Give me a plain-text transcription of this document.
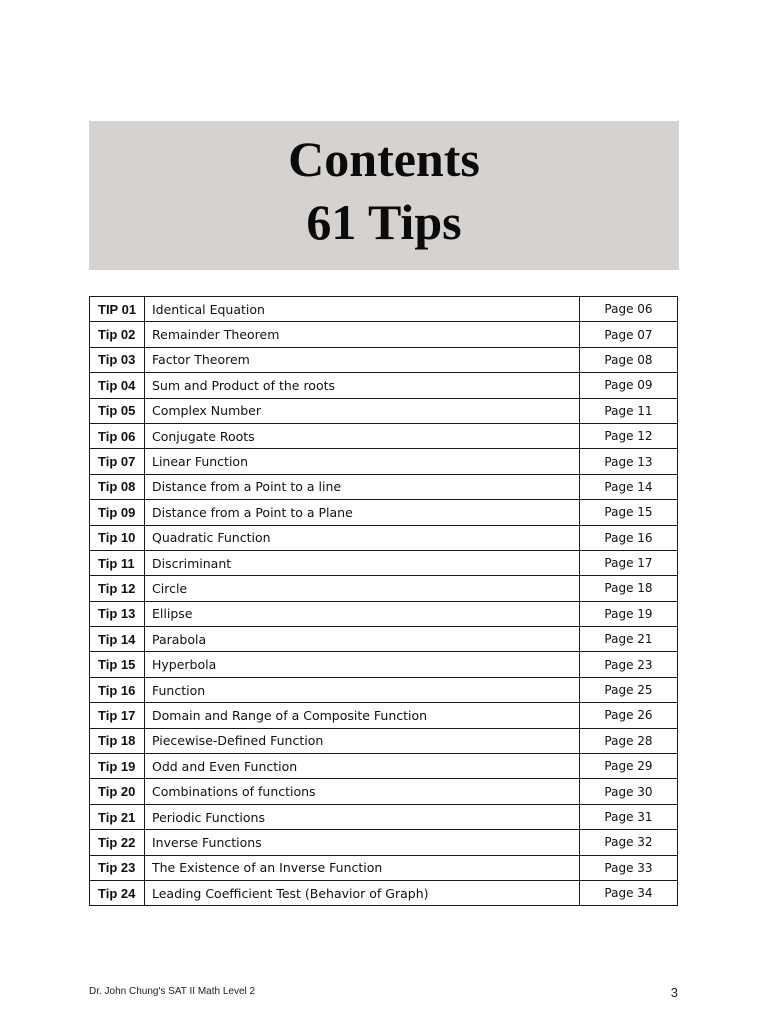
Contents
61 Tips
TIP 01	Identical Equation	Page 06
Tip 02	Remainder Theorem	Page 07
Tip 03	Factor Theorem	Page 08
Tip 04	Sum and Product of the roots	Page 09
Tip 05	Complex Number	Page 11
Tip 06	Conjugate Roots	Page 12
Tip 07	Linear Function	Page 13
Tip 08	Distance from a Point to a line	Page 14
Tip 09	Distance from a Point to a Plane	Page 15
Tip 10	Quadratic Function	Page 16
Tip 11	Discriminant	Page 17
Tip 12	Circle	Page 18
Tip 13	Ellipse	Page 19
Tip 14	Parabola	Page 21
Tip 15	Hyperbola	Page 23
Tip 16	Function	Page 25
Tip 17	Domain and Range of a Composite Function	Page 26
Tip 18	Piecewise-Defined Function	Page 28
Tip 19	Odd and Even Function	Page 29
Tip 20	Combinations of functions	Page 30
Tip 21	Periodic Functions	Page 31
Tip 22	Inverse Functions	Page 32
Tip 23	The Existence of an Inverse Function	Page 33
Tip 24	Leading Coefficient Test (Behavior of Graph)	Page 34
Dr. John Chung's SAT II Math Level 2	3
